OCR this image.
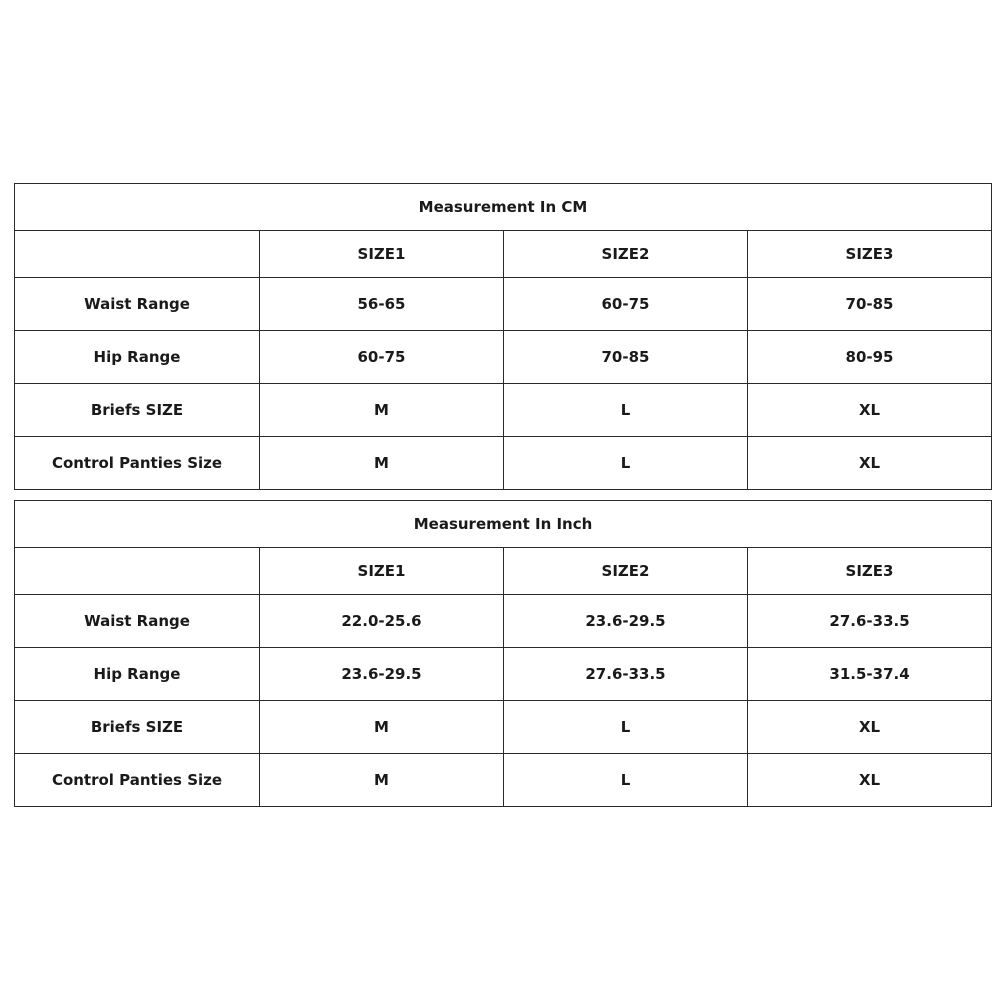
Measurement In CM			
	SIZE1	SIZE2	SIZE3
Waist Range	56-65	60-75	70-85
Hip Range	60-75	70-85	80-95
Briefs SIZE	M	L	XL
Control Panties Size	M	L	XL
Measurement In Inch			
	SIZE1	SIZE2	SIZE3
Waist Range	22.0-25.6	23.6-29.5	27.6-33.5
Hip Range	23.6-29.5	27.6-33.5	31.5-37.4
Briefs SIZE	M	L	XL
Control Panties Size	M	L	XL
